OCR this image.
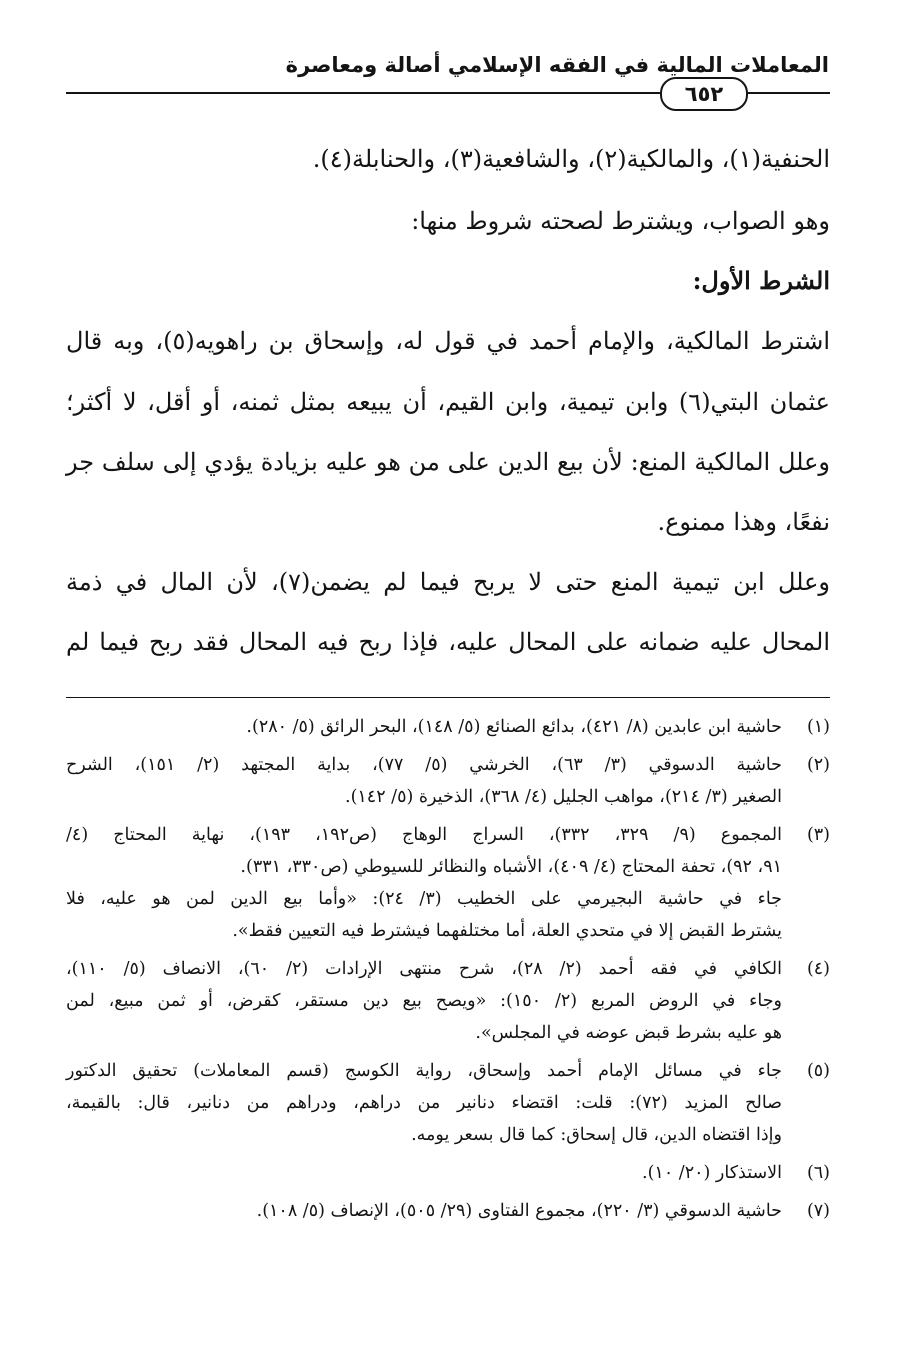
المعاملات المالية في الفقه الإسلامي أصالة ومعاصرة
٦٥٢
الحنفية(١)، والمالكية(٢)، والشافعية(٣)، والحنابلة(٤).
وهو الصواب، ويشترط لصحته شروط منها:
الشرط الأول:
اشترط المالكية، والإمام أحمد في قول له، وإسحاق بن راهويه(٥)، وبه قال
عثمان البتي(٦) وابن تيمية، وابن القيم، أن يبيعه بمثل ثمنه، أو أقل، لا أكثر؛
وعلل المالكية المنع: لأن بيع الدين على من هو عليه بزيادة يؤدي إلى سلف جر
نفعًا، وهذا ممنوع.
وعلل ابن تيمية المنع حتى لا يربح فيما لم يضمن(٧)، لأن المال في ذمة
المحال عليه ضمانه على المحال عليه، فإذا ربح فيه المحال فقد ربح فيما لم
(١)
حاشية ابن عابدين (٨/ ٤٢١)، بدائع الصنائع (٥/ ١٤٨)، البحر الرائق (٥/ ٢٨٠).
(٢)
حاشية الدسوقي (٣/ ٦٣)، الخرشي (٥/ ٧٧)، بداية المجتهد (٢/ ١٥١)، الشرح
الصغير (٣/ ٢١٤)، مواهب الجليل (٤/ ٣٦٨)، الذخيرة (٥/ ١٤٢).
(٣)
المجموع (٩/ ٣٢٩، ٣٣٢)، السراج الوهاج (ص١٩٢، ١٩٣)، نهاية المحتاج (٤/
٩١، ٩٢)، تحفة المحتاج (٤/ ٤٠٩)، الأشباه والنظائر للسيوطي (ص٣٣٠، ٣٣١).
جاء في حاشية البجيرمي على الخطيب (٣/ ٢٤): «وأما بيع الدين لمن هو عليه، فلا
يشترط القبض إلا في متحدي العلة، أما مختلفهما فيشترط فيه التعيين فقط».
(٤)
الكافي في فقه أحمد (٢/ ٢٨)، شرح منتهى الإرادات (٢/ ٦٠)، الانصاف (٥/ ١١٠)،
وجاء في الروض المربع (٢/ ١٥٠): «ويصح بيع دين مستقر، كقرض، أو ثمن مبيع، لمن
هو عليه بشرط قبض عوضه في المجلس».
(٥)
جاء في مسائل الإمام أحمد وإسحاق، رواية الكوسج (قسم المعاملات) تحقيق الدكتور
صالح المزيد (٧٢): قلت: اقتضاء دنانير من دراهم، ودراهم من دنانير، قال: بالقيمة،
وإذا اقتضاه الدين، قال إسحاق: كما قال بسعر يومه.
(٦)
الاستذكار (٢٠/ ١٠).
(٧)
حاشية الدسوقي (٣/ ٢٢٠)، مجموع الفتاوى (٢٩/ ٥٠٥)، الإنصاف (٥/ ١٠٨).
